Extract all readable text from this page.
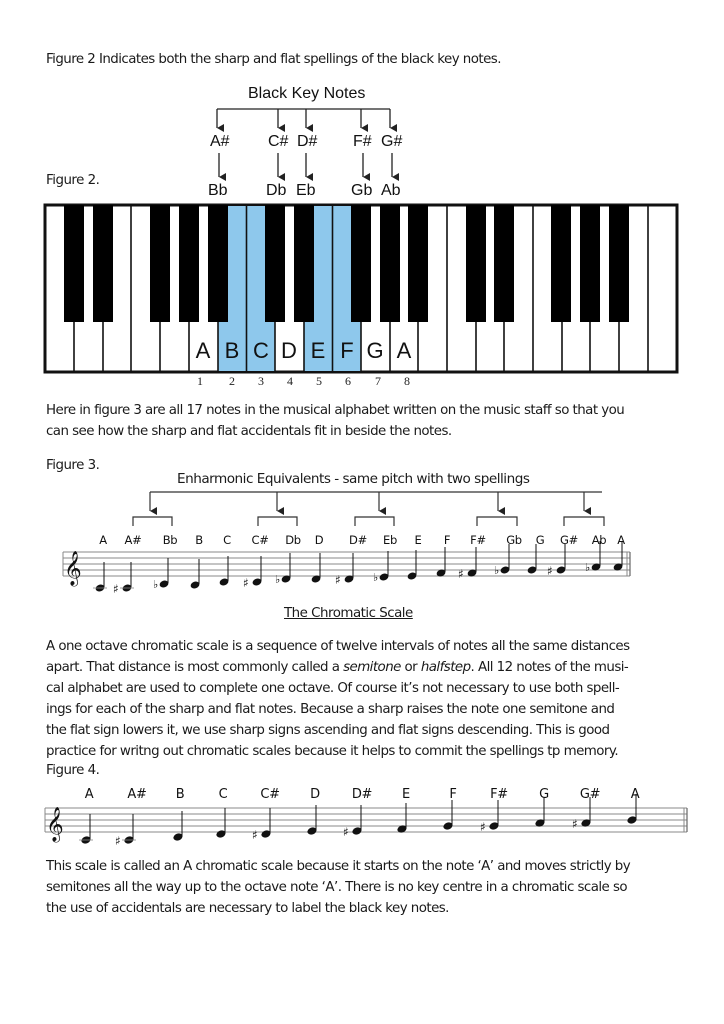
Figure 2 Indicates both the sharp and flat spellings of the black key notes.
Figure 2.
Black Key Notes
A# C# D# F# G#
Bb Db Eb Gb Ab
A B C D E F G A
1 2 3 4 5 6 7 8
Here in figure 3 are all 17 notes in the musical alphabet written on the music staff so that you
can see how the sharp and flat accidentals fit in beside the notes.
Figure 3.
Enharmonic Equivalents - same pitch with two spellings
𝄞
♯	♭	♯ ♭	♯	♭	♯	♭	♯	♭
A A# Bb B C C# Db D D# Eb E F F# Gb G G# Ab A
The Chromatic Scale
A one octave chromatic scale is a sequence of twelve intervals of notes all the same distances
apart. That distance is most commonly called a semitone or halfstep. All 12 notes of the musi-
cal alphabet are used to complete one octave. Of course it’s not necessary to use both spell-
ings for each of the sharp and flat notes. Because a sharp raises the note one semitone and
the flat sign lowers it, we use sharp signs ascending and flat signs descending. This is good
practice for writng out chromatic scales because it helps to commit the spellings tp memory.
Figure 4.
𝄞	♯	♯	♯	♯	♯
A	A# B	C	C# D D# E	F	F# G G# A
This scale is called an A chromatic scale because it starts on the note ‘A’ and moves strictly by
semitones all the way up to the octave note ‘A’. There is no key centre in a chromatic scale so
the use of accidentals are necessary to label the black key notes.
